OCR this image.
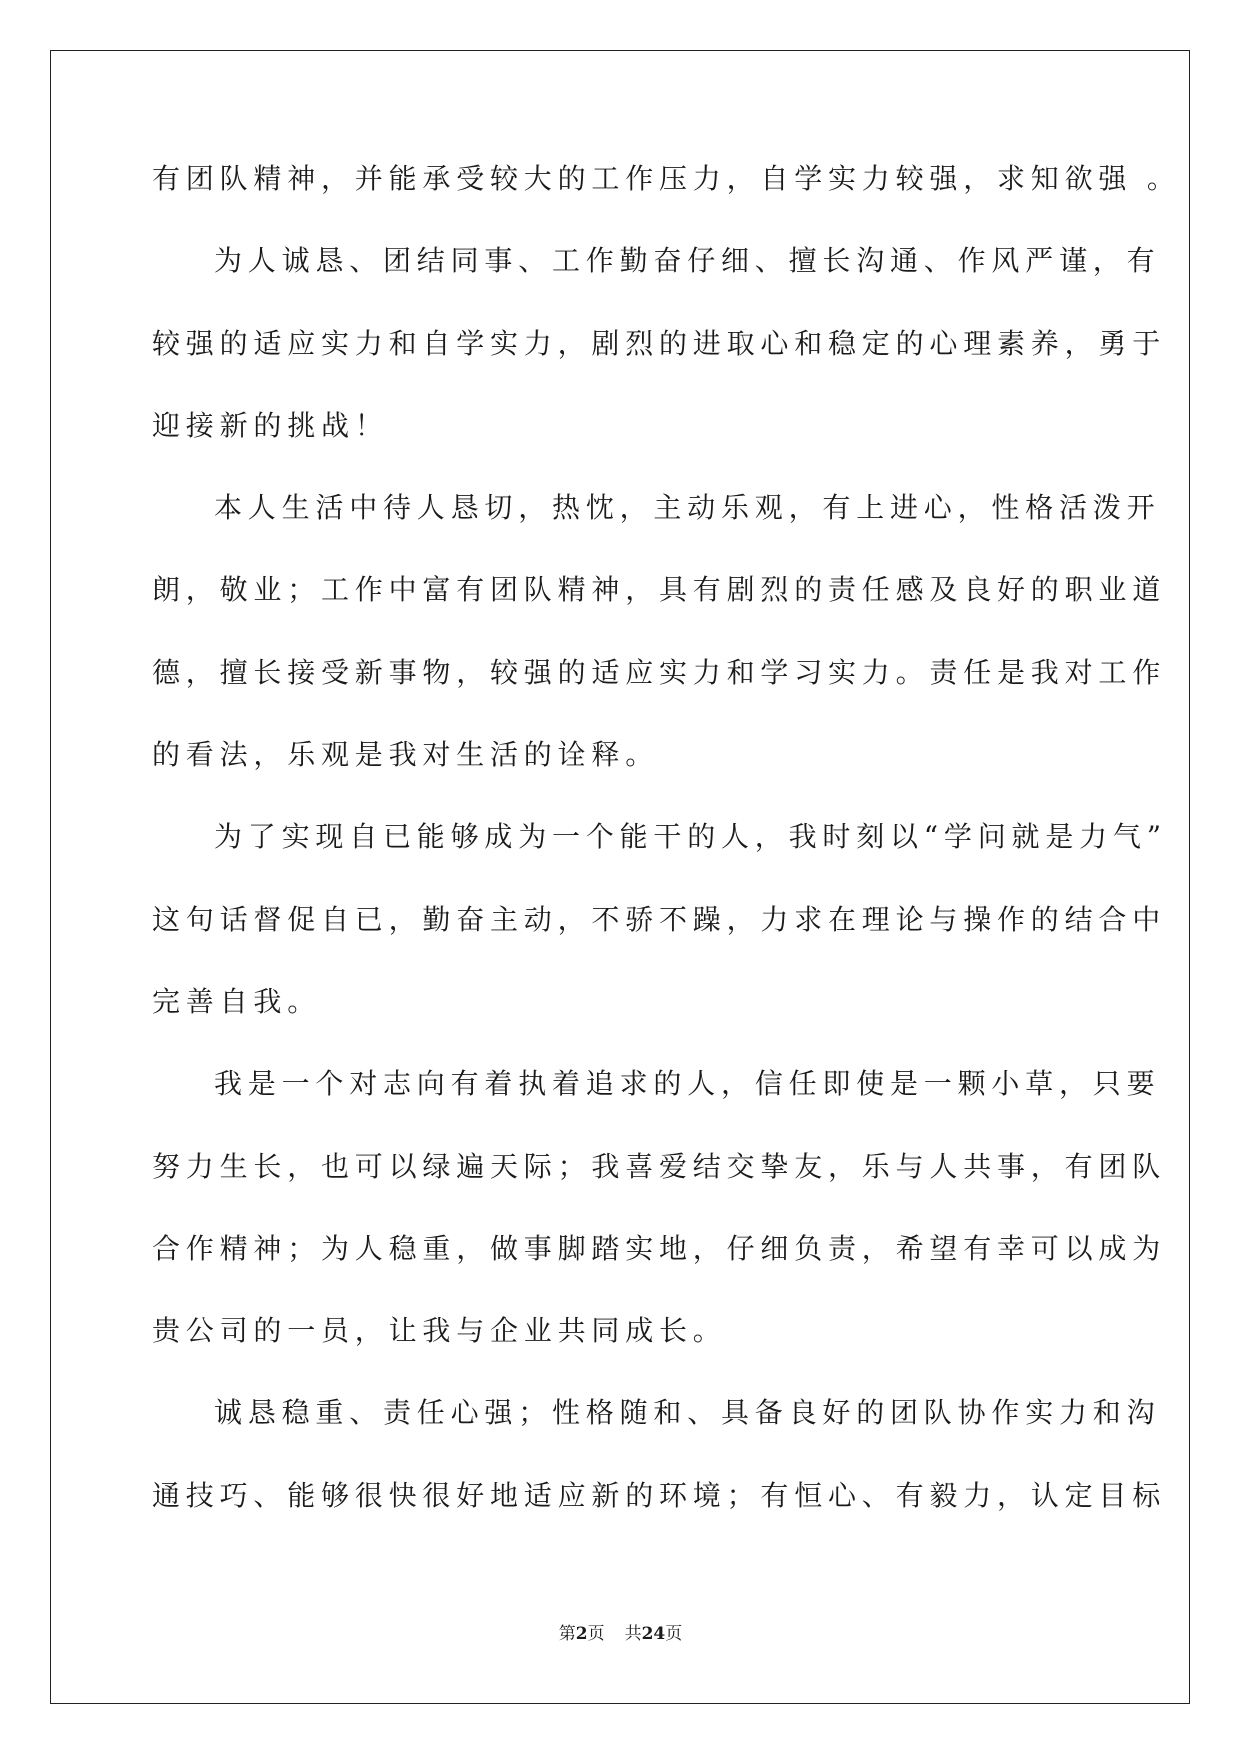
有团队精神，并能承受较大的工作压力，自学实力较强，求知欲强 。
为人诚恳、团结同事、工作勤奋仔细、擅长沟通、作风严谨，有
较强的适应实力和自学实力，剧烈的进取心和稳定的心理素养，勇于
迎接新的挑战！
本人生活中待人恳切，热忱，主动乐观，有上进心，性格活泼开
朗，敬业；工作中富有团队精神，具有剧烈的责任感及良好的职业道
德，擅长接受新事物，较强的适应实力和学习实力。责任是我对工作
的看法，乐观是我对生活的诠释。
为了实现自已能够成为一个能干的人，我时刻以“学问就是力气”
这句话督促自已，勤奋主动，不骄不躁，力求在理论与操作的结合中
完善自我。
我是一个对志向有着执着追求的人，信任即使是一颗小草，只要
努力生长，也可以绿遍天际；我喜爱结交挚友，乐与人共事，有团队
合作精神；为人稳重，做事脚踏实地，仔细负责，希望有幸可以成为
贵公司的一员，让我与企业共同成长。
诚恳稳重、责任心强；性格随和、具备良好的团队协作实力和沟
通技巧、能够很快很好地适应新的环境；有恒心、有毅力，认定目标
第2页 共24页
